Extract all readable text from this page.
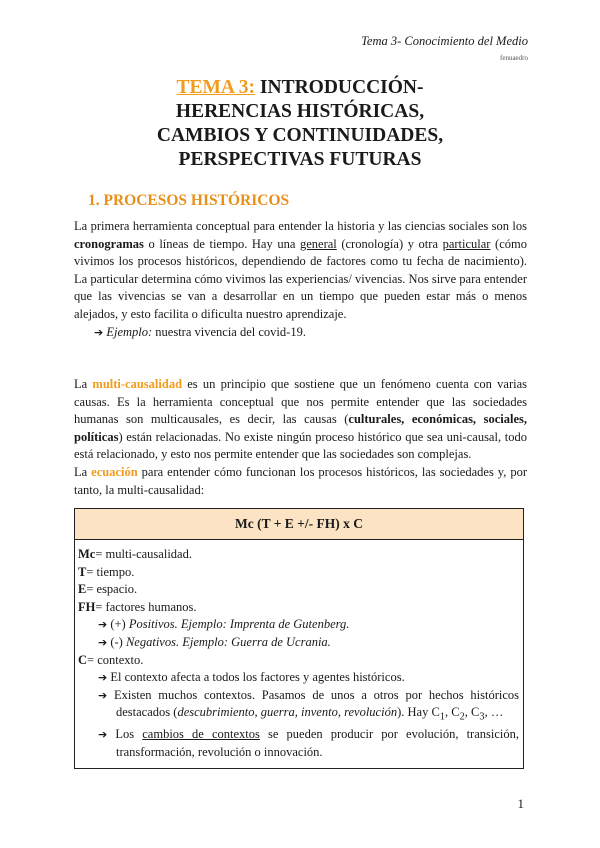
Tema 3- Conocimiento del Medio
fenuaedro
TEMA 3: INTRODUCCIÓN-
HERENCIAS HISTÓRICAS,
CAMBIOS Y CONTINUIDADES,
PERSPECTIVAS FUTURAS
1. PROCESOS HISTÓRICOS
La primera herramienta conceptual para entender la historia y las ciencias sociales son los cronogramas o líneas de tiempo. Hay una general (cronología) y otra particular (cómo vivimos los procesos históricos, dependiendo de factores como tu fecha de nacimiento). La particular determina cómo vivimos las experiencias/ vivencias. Nos sirve para entender que las vivencias se van a desarrollar en un tiempo que pueden estar más o menos alejados, y esto facilita o dificulta nuestro aprendizaje.
➔ Ejemplo: nuestra vivencia del covid-19.
La multi-causalidad es un principio que sostiene que un fenómeno cuenta con varias causas. Es la herramienta conceptual que nos permite entender que las sociedades humanas son multicausales, es decir, las causas (culturales, económicas, sociales, políticas) están relacionadas. No existe ningún proceso histórico que sea uni-causal, todo está relacionado, y esto nos permite entender que las sociedades son complejas.
La ecuación para entender cómo funcionan los procesos históricos, las sociedades y, por tanto, la multi-causalidad:
Mc (T + E +/- FH) x C
Mc= multi-causalidad.
T= tiempo.
E= espacio.
FH= factores humanos.
➔ (+) Positivos. Ejemplo: Imprenta de Gutenberg.
➔ (-) Negativos. Ejemplo: Guerra de Ucrania.
C= contexto.
➔ El contexto afecta a todos los factores y agentes históricos.
➔ Existen muchos contextos. Pasamos de unos a otros por hechos históricos destacados (descubrimiento, guerra, invento, revolución). Hay $C_1$, $C_2$, $C_3$, …
➔ Los cambios de contextos se pueden producir por evolución, transición, transformación, revolución o innovación.
1
